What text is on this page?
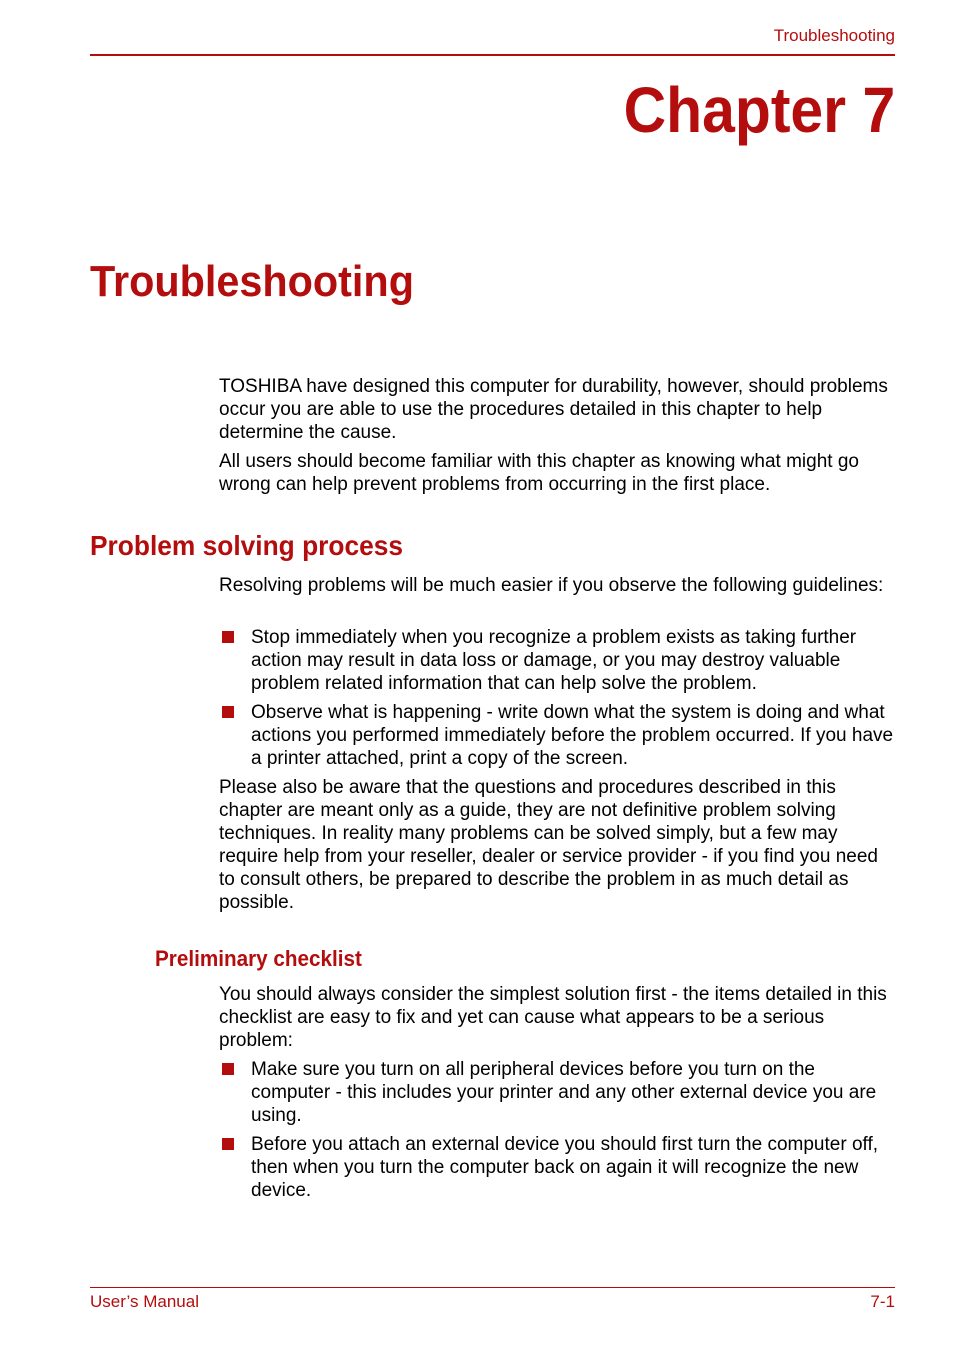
Troubleshooting
Chapter 7
Troubleshooting

TOSHIBA have designed this computer for durability, however, should problems occur you are able to use the procedures detailed in this chapter to help determine the cause.

All users should become familiar with this chapter as knowing what might go wrong can help prevent problems from occurring in the first place.

Problem solving process

Resolving problems will be much easier if you observe the following guidelines:

Stop immediately when you recognize a problem exists as taking further action may result in data loss or damage, or you may destroy valuable problem related information that can help solve the problem.

Observe what is happening - write down what the system is doing and what actions you performed immediately before the problem occurred. If you have a printer attached, print a copy of the screen.

Please also be aware that the questions and procedures described in this chapter are meant only as a guide, they are not definitive problem solving techniques. In reality many problems can be solved simply, but a few may require help from your reseller, dealer or service provider - if you find you need to consult others, be prepared to describe the problem in as much detail as possible.

Preliminary checklist

You should always consider the simplest solution first - the items detailed in this checklist are easy to fix and yet can cause what appears to be a serious problem:

Make sure you turn on all peripheral devices before you turn on the computer - this includes your printer and any other external device you are using.

Before you attach an external device you should first turn the computer off, then when you turn the computer back on again it will recognize the new device.

User’s Manual	7-1
